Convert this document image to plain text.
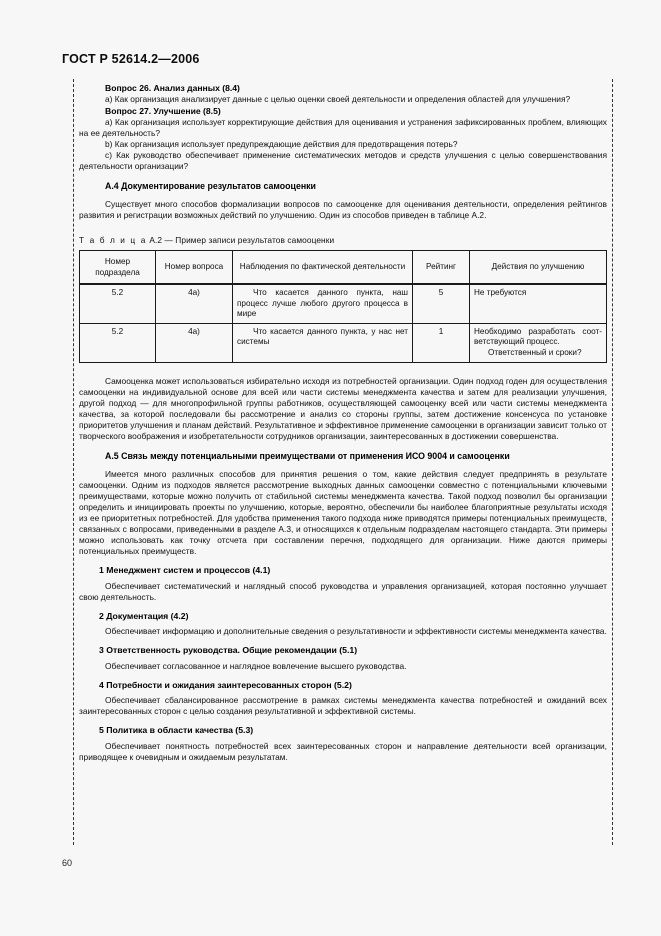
ГОСТ Р 52614.2—2006
Вопрос 26. Анализ данных (8.4)

a) Как организация анализирует данные с целью оценки своей деятельности и определения областей для улучшения?

Вопрос 27. Улучшение (8.5)

a) Как организация использует корректирующие действия для оценивания и устранения зафиксированных проблем, влияющих на ее деятельность?

b) Как организация использует предупреждающие действия для предотвращения потерь?

c) Как руководство обеспечивает применение систематических методов и средств улучшения с целью совершенствования деятельности организации?

А.4 Документирование результатов самооценки

Существует много способов формализации вопросов по самооценке для оценивания деятельности, определения рейтингов развития и регистрации возможных действий по улучшению. Один из способов приведен в таблице А.2.

Т а б л и ц а А.2 — Пример записи результатов самооценки
Номер подраздела	Номер вопроса	Наблюдения по фактической деятельности	Рейтинг	Действия по улучшению
5.2	4a)	Что касается данного пункта, наш процесс лучше любого другого процесса в мире	5	Не требуются
5.2	4a)	Что касается данного пункта, у нас нет системы	1	Необходимо разработать соответствующий процесс.
Ответственный и сроки?

Самооценка может использоваться избирательно исходя из потребностей организации. Один подход годен для осуществления самооценки на индивидуальной основе для всей или части системы менеджмента качества и затем для реализации улучшения, другой подход — для многопрофильной группы работников, осуществляющей самооценку всей или части системы менеджмента качества, за которой последовали бы рассмотрение и анализ со стороны группы, затем достижение консенсуса по установке приоритетов улучшения и планам действий. Результативное и эффективное применение самооценки в организации зависит только от творческого воображения и изобретательности сотрудников организации, заинтересованных в достижении совершенства.

А.5 Связь между потенциальными преимуществами от применения ИСО 9004 и самооценки

Имеется много различных способов для принятия решения о том, какие действия следует предпринять в результате самооценки. Одним из подходов является рассмотрение выходных данных самооценки совместно с потенциальными ключевыми преимуществами, которые можно получить от стабильной системы менеджмента качества. Такой подход позволил бы организации определить и инициировать проекты по улучшению, которые, вероятно, обеспечили бы наиболее благоприятные результаты исходя из ее приоритетных потребностей. Для удобства применения такого подхода ниже приводятся примеры потенциальных преимуществ, связанных с вопросами, приведенными в разделе А.3, и относящихся к отдельным подразделам настоящего стандарта. Эти примеры можно использовать как точку отсчета при составлении перечня, подходящего для организации. Ниже даются примеры потенциальных преимуществ.

1 Менеджмент систем и процессов (4.1)

Обеспечивает систематический и наглядный способ руководства и управления организацией, которая постоянно улучшает свою деятельность.

2 Документация (4.2)

Обеспечивает информацию и дополнительные сведения о результативности и эффективности системы менеджмента качества.

3 Ответственность руководства. Общие рекомендации (5.1)

Обеспечивает согласованное и наглядное вовлечение высшего руководства.

4 Потребности и ожидания заинтересованных сторон (5.2)

Обеспечивает сбалансированное рассмотрение в рамках системы менеджмента качества потребностей и ожиданий всех заинтересованных сторон с целью создания результативной и эффективной системы.

5 Политика в области качества (5.3)

Обеспечивает понятность потребностей всех заинтересованных сторон и направление деятельности всей организации, приводящее к очевидным и ожидаемым результатам.

60
